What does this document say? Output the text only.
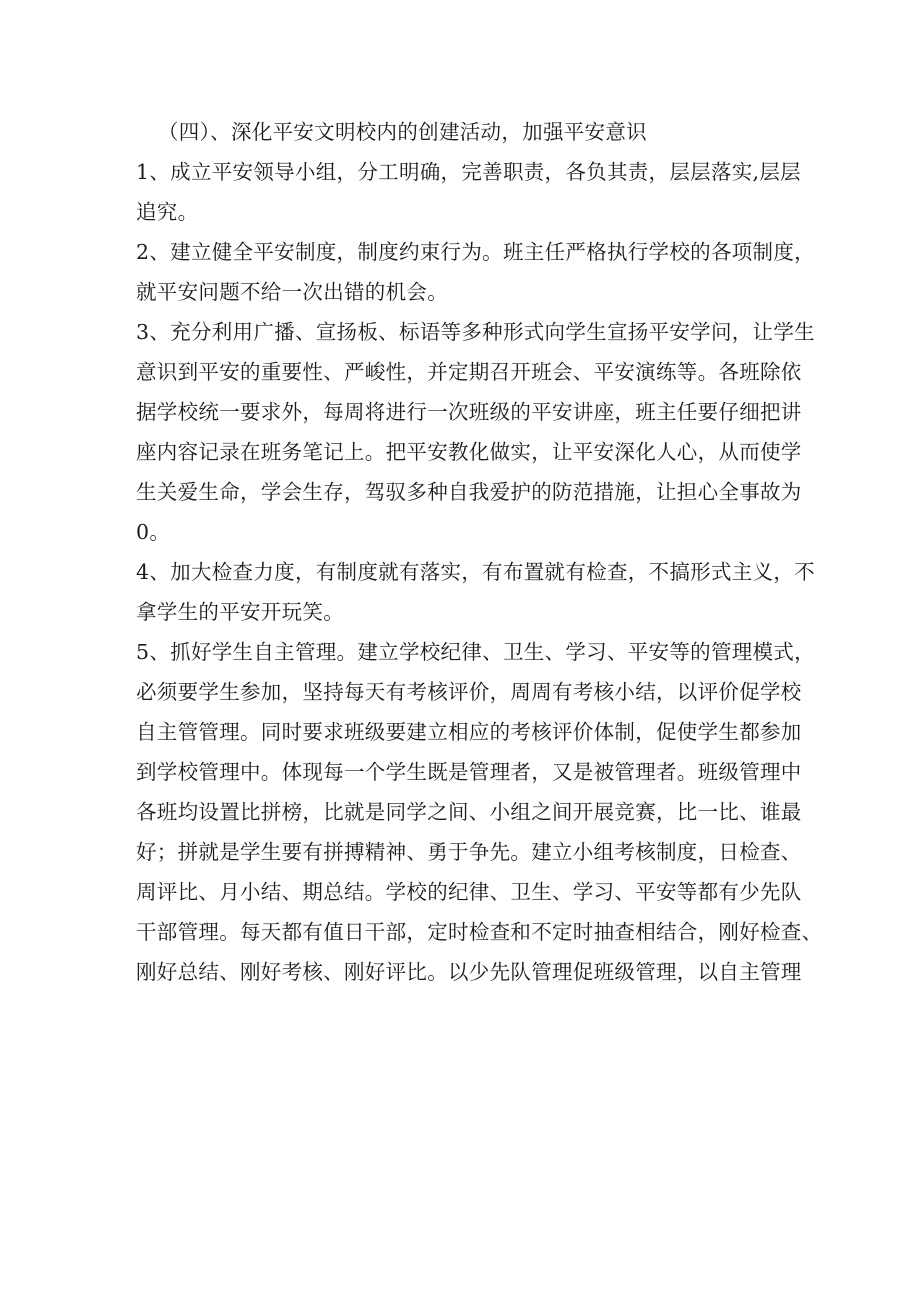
（四）、深化平安文明校内的创建活动，加强平安意识
1、成立平安领导小组，分工明确，完善职责，各负其责，层层落实,层层
追究。
2、建立健全平安制度，制度约束行为。班主任严格执行学校的各项制度，
就平安问题不给一次出错的机会。
3、充分利用广播、宣扬板、标语等多种形式向学生宣扬平安学问，让学生
意识到平安的重要性、严峻性，并定期召开班会、平安演练等。各班除依
据学校统一要求外，每周将进行一次班级的平安讲座，班主任要仔细把讲
座内容记录在班务笔记上。把平安教化做实，让平安深化人心，从而使学
生关爱生命，学会生存，驾驭多种自我爱护的防范措施，让担心全事故为
0。
4、加大检查力度，有制度就有落实，有布置就有检查，不搞形式主义，不
拿学生的平安开玩笑。
5、抓好学生自主管理。建立学校纪律、卫生、学习、平安等的管理模式，
必须要学生参加，坚持每天有考核评价，周周有考核小结，以评价促学校
自主管管理。同时要求班级要建立相应的考核评价体制，促使学生都参加
到学校管理中。体现每一个学生既是管理者，又是被管理者。班级管理中
各班均设置比拼榜，比就是同学之间、小组之间开展竞赛，比一比、谁最
好；拼就是学生要有拼搏精神、勇于争先。建立小组考核制度，日检查、
周评比、月小结、期总结。学校的纪律、卫生、学习、平安等都有少先队
干部管理。每天都有值日干部，定时检查和不定时抽查相结合，刚好检查、
刚好总结、刚好考核、刚好评比。以少先队管理促班级管理，以自主管理
